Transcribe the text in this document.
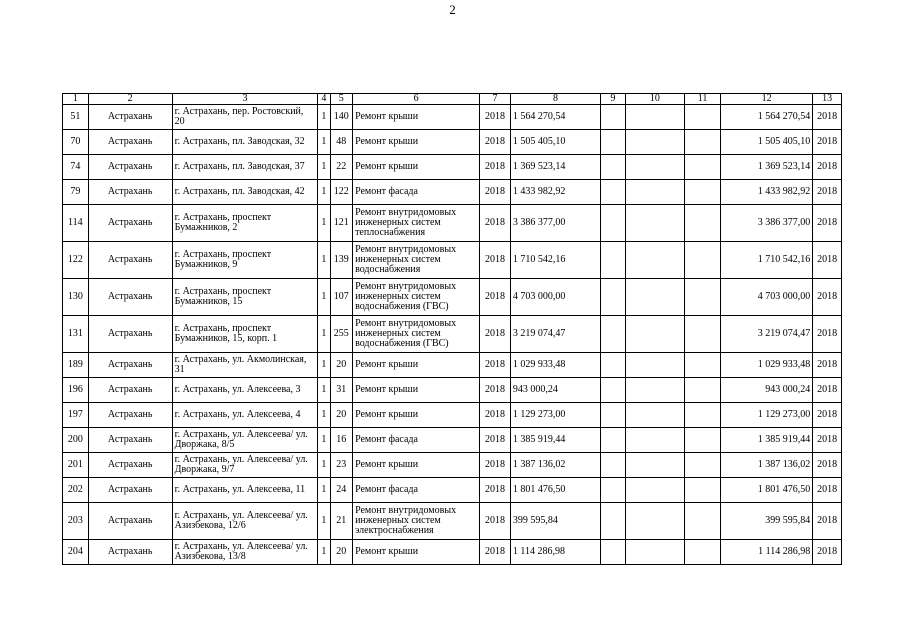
2
1	2	3	4	5	6	7	8	9	10	11	12	13
51	Астрахань	г. Астрахань, пер. Ростовский, 20	1	140	Ремонт крыши	2018	1 564 270,54				1 564 270,54	2018
70	Астрахань	г. Астрахань, пл. Заводская, 32	1	48	Ремонт крыши	2018	1 505 405,10				1 505 405,10	2018
74	Астрахань	г. Астрахань, пл. Заводская, 37	1	22	Ремонт крыши	2018	1 369 523,14				1 369 523,14	2018
79	Астрахань	г. Астрахань, пл. Заводская, 42	1	122	Ремонт фасада	2018	1 433 982,92				1 433 982,92	2018
114	Астрахань	г. Астрахань, проспект Бумажников, 2	1	121	Ремонт внутридомовых инженерных систем теплоснабжения	2018	3 386 377,00				3 386 377,00	2018
122	Астрахань	г. Астрахань, проспект Бумажников, 9	1	139	Ремонт внутридомовых инженерных систем водоснабжения	2018	1 710 542,16				1 710 542,16	2018
130	Астрахань	г. Астрахань, проспект Бумажников, 15	1	107	Ремонт внутридомовых инженерных систем водоснабжения (ГВС)	2018	4 703 000,00				4 703 000,00	2018
131	Астрахань	г. Астрахань, проспект Бумажников, 15, корп. 1	1	255	Ремонт внутридомовых инженерных систем водоснабжения (ГВС)	2018	3 219 074,47				3 219 074,47	2018
189	Астрахань	г. Астрахань, ул. Акмолинская, 31	1	20	Ремонт крыши	2018	1 029 933,48				1 029 933,48	2018
196	Астрахань	г. Астрахань, ул. Алексеева, 3	1	31	Ремонт крыши	2018	943 000,24				943 000,24	2018
197	Астрахань	г. Астрахань, ул. Алексеева, 4	1	20	Ремонт крыши	2018	1 129 273,00				1 129 273,00	2018
200	Астрахань	г. Астрахань, ул. Алексеева/ ул. Дворжака, 8/5	1	16	Ремонт фасада	2018	1 385 919,44				1 385 919,44	2018
201	Астрахань	г. Астрахань, ул. Алексеева/ ул. Дворжака, 9/7	1	23	Ремонт крыши	2018	1 387 136,02				1 387 136,02	2018
202	Астрахань	г. Астрахань, ул. Алексеева, 11	1	24	Ремонт фасада	2018	1 801 476,50				1 801 476,50	2018
203	Астрахань	г. Астрахань, ул. Алексеева/ ул. Азизбекова, 12/6	1	21	Ремонт внутридомовых инженерных систем электроснабжения	2018	399 595,84				399 595,84	2018
204	Астрахань	г. Астрахань, ул. Алексеева/ ул. Азизбекова, 13/8	1	20	Ремонт крыши	2018	1 114 286,98				1 114 286,98	2018
